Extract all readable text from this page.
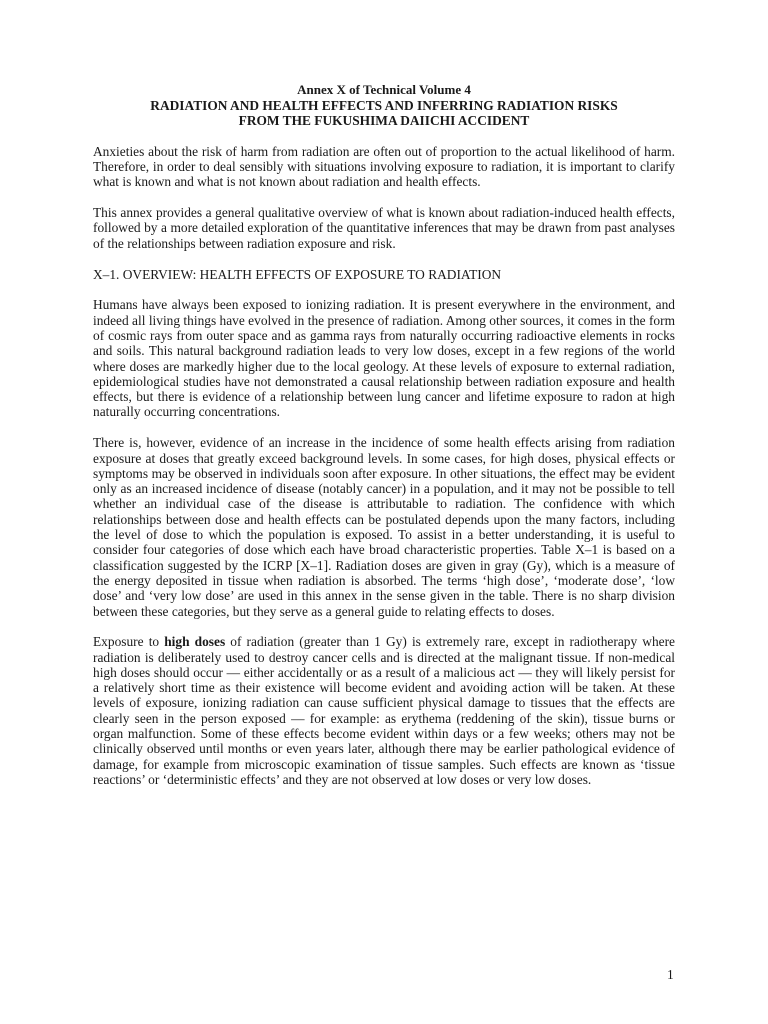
Annex X of Technical Volume 4
RADIATION AND HEALTH EFFECTS AND INFERRING RADIATION RISKS
FROM THE FUKUSHIMA DAIICHI ACCIDENT

Anxieties about the risk of harm from radiation are often out of proportion to the actual likelihood of harm. Therefore, in order to deal sensibly with situations involving exposure to radiation, it is important to clarify what is known and what is not known about radiation and health effects.

This annex provides a general qualitative overview of what is known about radiation-induced health effects, followed by a more detailed exploration of the quantitative inferences that may be drawn from past analyses of the relationships between radiation exposure and risk.

X–1. OVERVIEW: HEALTH EFFECTS OF EXPOSURE TO RADIATION

Humans have always been exposed to ionizing radiation. It is present everywhere in the environment, and indeed all living things have evolved in the presence of radiation. Among other sources, it comes in the form of cosmic rays from outer space and as gamma rays from naturally occurring radioactive elements in rocks and soils. This natural background radiation leads to very low doses, except in a few regions of the world where doses are markedly higher due to the local geology. At these levels of exposure to external radiation, epidemiological studies have not demonstrated a causal relationship between radiation exposure and health effects, but there is evidence of a relationship between lung cancer and lifetime exposure to radon at high naturally occurring concentrations.

There is, however, evidence of an increase in the incidence of some health effects arising from radiation exposure at doses that greatly exceed background levels. In some cases, for high doses, physical effects or symptoms may be observed in individuals soon after exposure. In other situations, the effect may be evident only as an increased incidence of disease (notably cancer) in a population, and it may not be possible to tell whether an individual case of the disease is attributable to radiation. The confidence with which relationships between dose and health effects can be postulated depends upon the many factors, including the level of dose to which the population is exposed. To assist in a better understanding, it is useful to consider four categories of dose which each have broad characteristic properties. Table X–1 is based on a classification suggested by the ICRP [X–1]. Radiation doses are given in gray (Gy), which is a measure of the energy deposited in tissue when radiation is absorbed. The terms ‘high dose’, ‘moderate dose’, ‘low dose’ and ‘very low dose’ are used in this annex in the sense given in the table. There is no sharp division between these categories, but they serve as a general guide to relating effects to doses.

Exposure to high doses of radiation (greater than 1 Gy) is extremely rare, except in radiotherapy where radiation is deliberately used to destroy cancer cells and is directed at the malignant tissue. If non-medical high doses should occur — either accidentally or as a result of a malicious act — they will likely persist for a relatively short time as their existence will become evident and avoiding action will be taken. At these levels of exposure, ionizing radiation can cause sufficient physical damage to tissues that the effects are clearly seen in the person exposed — for example: as erythema (reddening of the skin), tissue burns or organ malfunction. Some of these effects become evident within days or a few weeks; others may not be clinically observed until months or even years later, although there may be earlier pathological evidence of damage, for example from microscopic examination of tissue samples. Such effects are known as ‘tissue reactions’ or ‘deterministic effects’ and they are not observed at low doses or very low doses.

1
